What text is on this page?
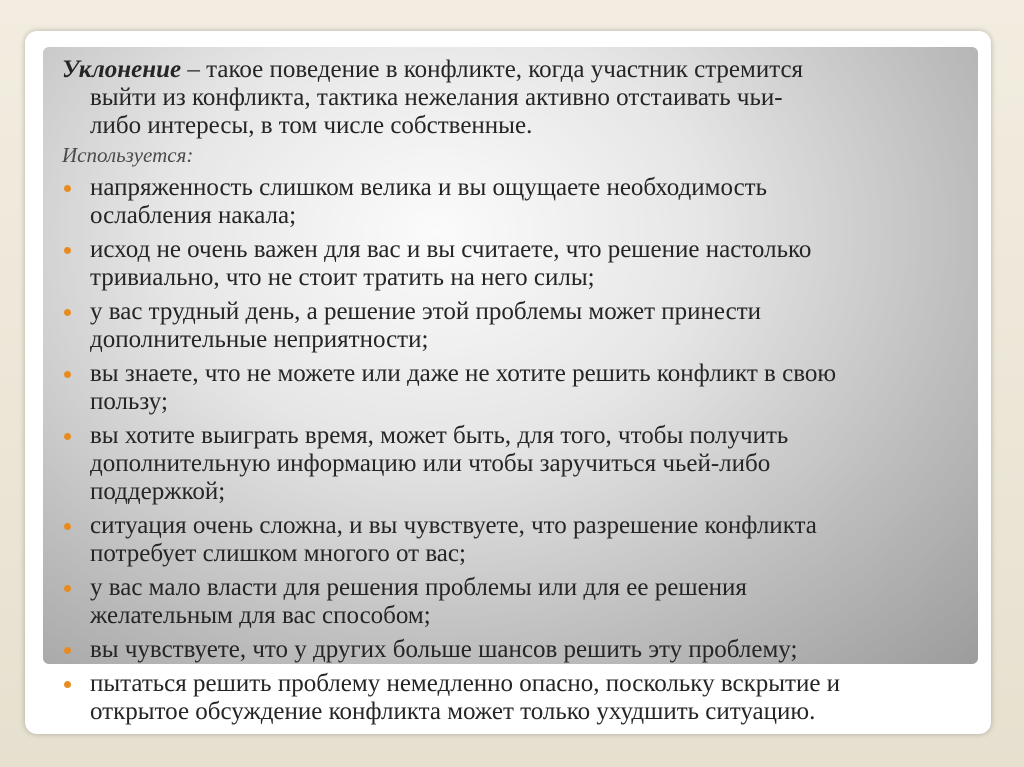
Уклонение – такое поведение в конфликте, когда участник стремится
выйти из конфликта, тактика нежелания активно отстаивать чьи-
либо интересы, в том числе собственные.
Используется:
напряженность слишком велика и вы ощущаете необходимость
ослабления накала;
исход не очень важен для вас и вы считаете, что решение настолько
тривиально, что не стоит тратить на него силы;
у вас трудный день, а решение этой проблемы может принести
дополнительные неприятности;
вы знаете, что не можете или даже не хотите решить конфликт в свою
пользу;
вы хотите выиграть время, может быть, для того, чтобы получить
дополнительную информацию или чтобы заручиться чьей-либо
поддержкой;
ситуация очень сложна, и вы чувствуете, что разрешение конфликта
потребует слишком многого от вас;
у вас мало власти для решения проблемы или для ее решения
желательным для вас способом;
вы чувствуете, что у других больше шансов решить эту проблему;
пытаться решить проблему немедленно опасно, поскольку вскрытие и
открытое обсуждение конфликта может только ухудшить ситуацию.
